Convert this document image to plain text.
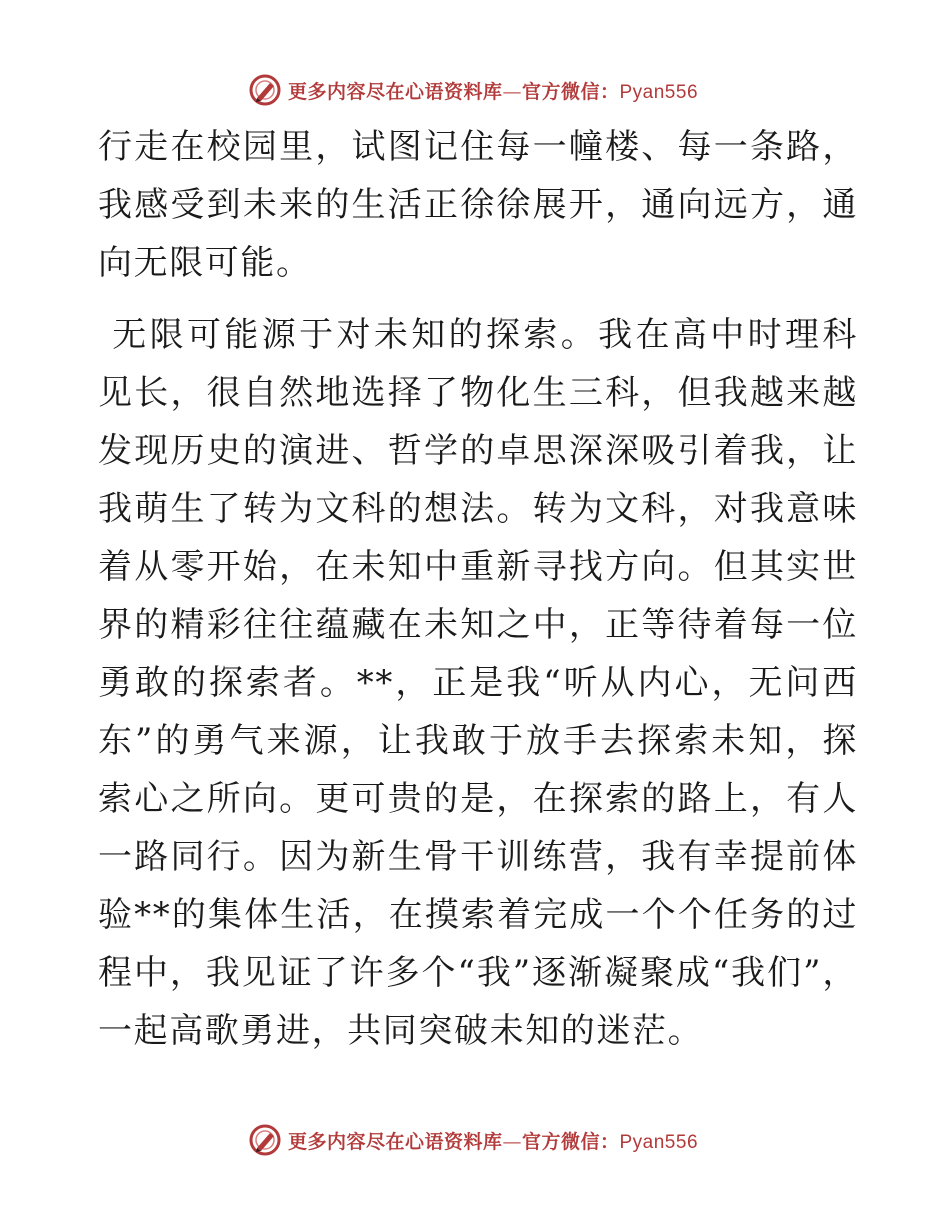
更多内容尽在心语资料库—官方微信：Pyan556

行走在校园里，试图记住每一幢楼、每一条路，我感受到未来的生活正徐徐展开，通向远方，通向无限可能。

无限可能源于对未知的探索。我在高中时理科见长，很自然地选择了物化生三科，但我越来越发现历史的演进、哲学的卓思深深吸引着我，让我萌生了转为文科的想法。转为文科，对我意味着从零开始，在未知中重新寻找方向。但其实世界的精彩往往蕴藏在未知之中，正等待着每一位勇敢的探索者。**，正是我“听从内心，无问西东”的勇气来源，让我敢于放手去探索未知，探索心之所向。更可贵的是，在探索的路上，有人一路同行。因为新生骨干训练营，我有幸提前体验**的集体生活，在摸索着完成一个个任务的过程中，我见证了许多个“我”逐渐凝聚成“我们”，一起高歌勇进，共同突破未知的迷茫。

更多内容尽在心语资料库—官方微信：Pyan556
